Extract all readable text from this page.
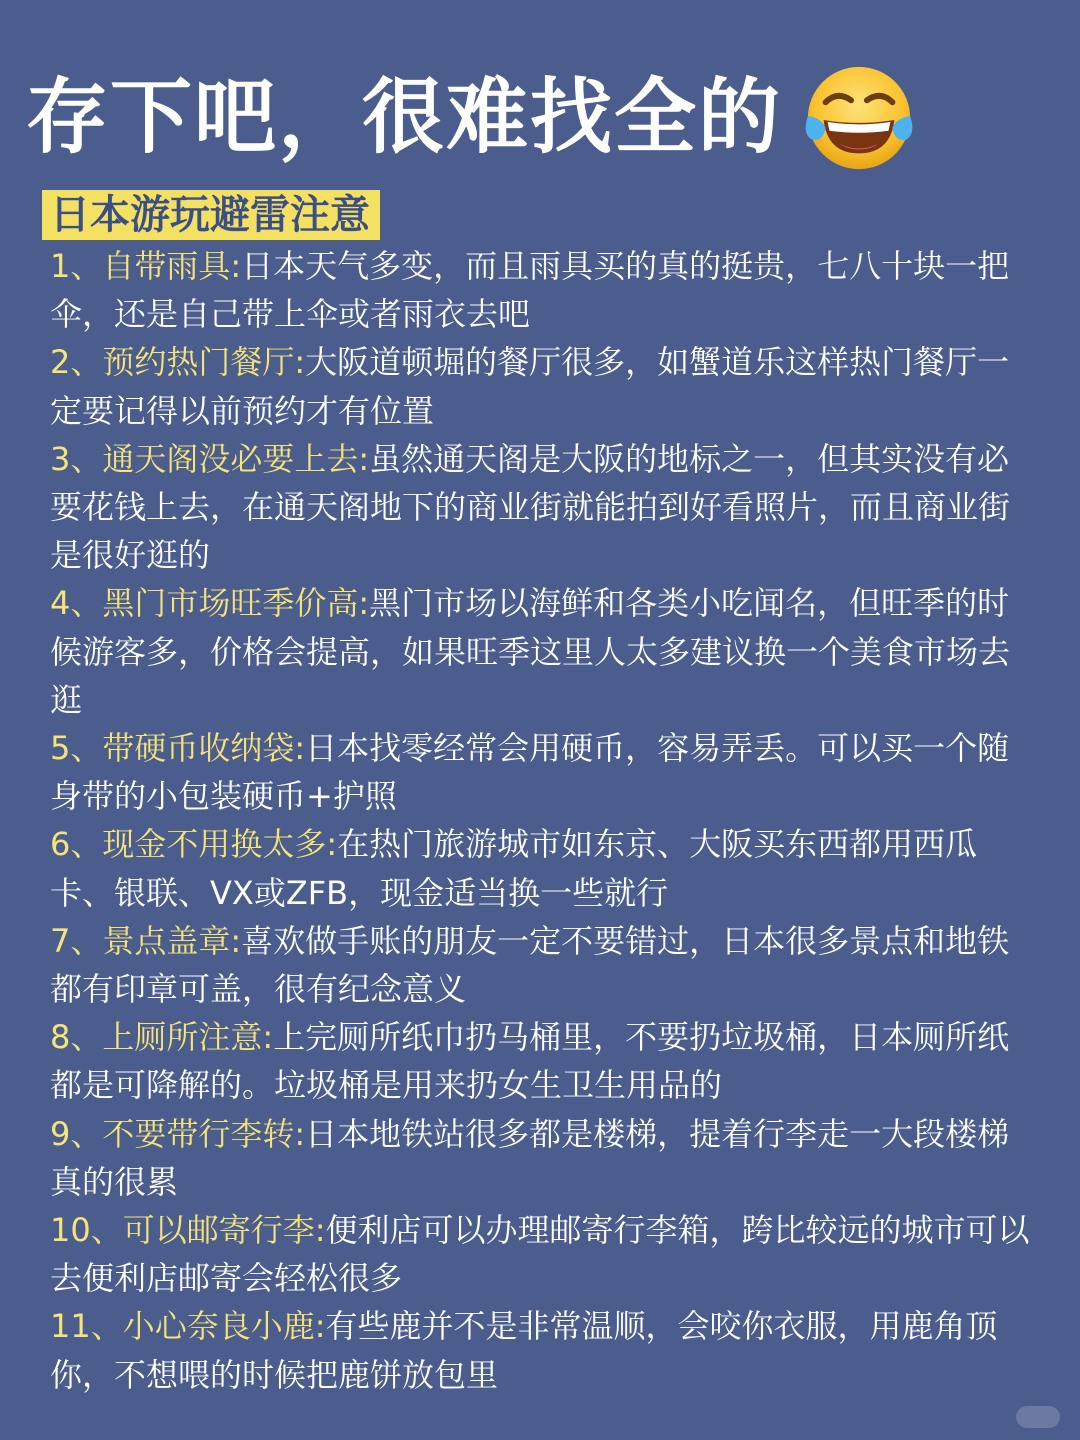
存下吧，很难找全的
日本游玩避雷注意
1、自带雨具:日本天气多变，而且雨具买的真的挺贵，七八十块一把伞，还是自己带上伞或者雨衣去吧
2、预约热门餐厅:大阪道顿堀的餐厅很多，如蟹道乐这样热门餐厅一定要记得以前预约才有位置
3、通天阁没必要上去:虽然通天阁是大阪的地标之一，但其实没有必要花钱上去，在通天阁地下的商业街就能拍到好看照片，而且商业街是很好逛的
4、黑门市场旺季价高:黑门市场以海鲜和各类小吃闻名，但旺季的时候游客多，价格会提高，如果旺季这里人太多建议换一个美食市场去逛
5、带硬币收纳袋:日本找零经常会用硬币，容易弄丢。可以买一个随身带的小包装硬币+护照
6、现金不用换太多:在热门旅游城市如东京、大阪买东西都用西瓜卡、银联、VX或ZFB，现金适当换一些就行
7、景点盖章:喜欢做手账的朋友一定不要错过，日本很多景点和地铁都有印章可盖，很有纪念意义
8、上厕所注意:上完厕所纸巾扔马桶里，不要扔垃圾桶，日本厕所纸都是可降解的。垃圾桶是用来扔女生卫生用品的
9、不要带行李转:日本地铁站很多都是楼梯，提着行李走一大段楼梯真的很累
10、可以邮寄行李:便利店可以办理邮寄行李箱，跨比较远的城市可以去便利店邮寄会轻松很多
11、小心奈良小鹿:有些鹿并不是非常温顺，会咬你衣服，用鹿角顶你，不想喂的时候把鹿饼放包里
